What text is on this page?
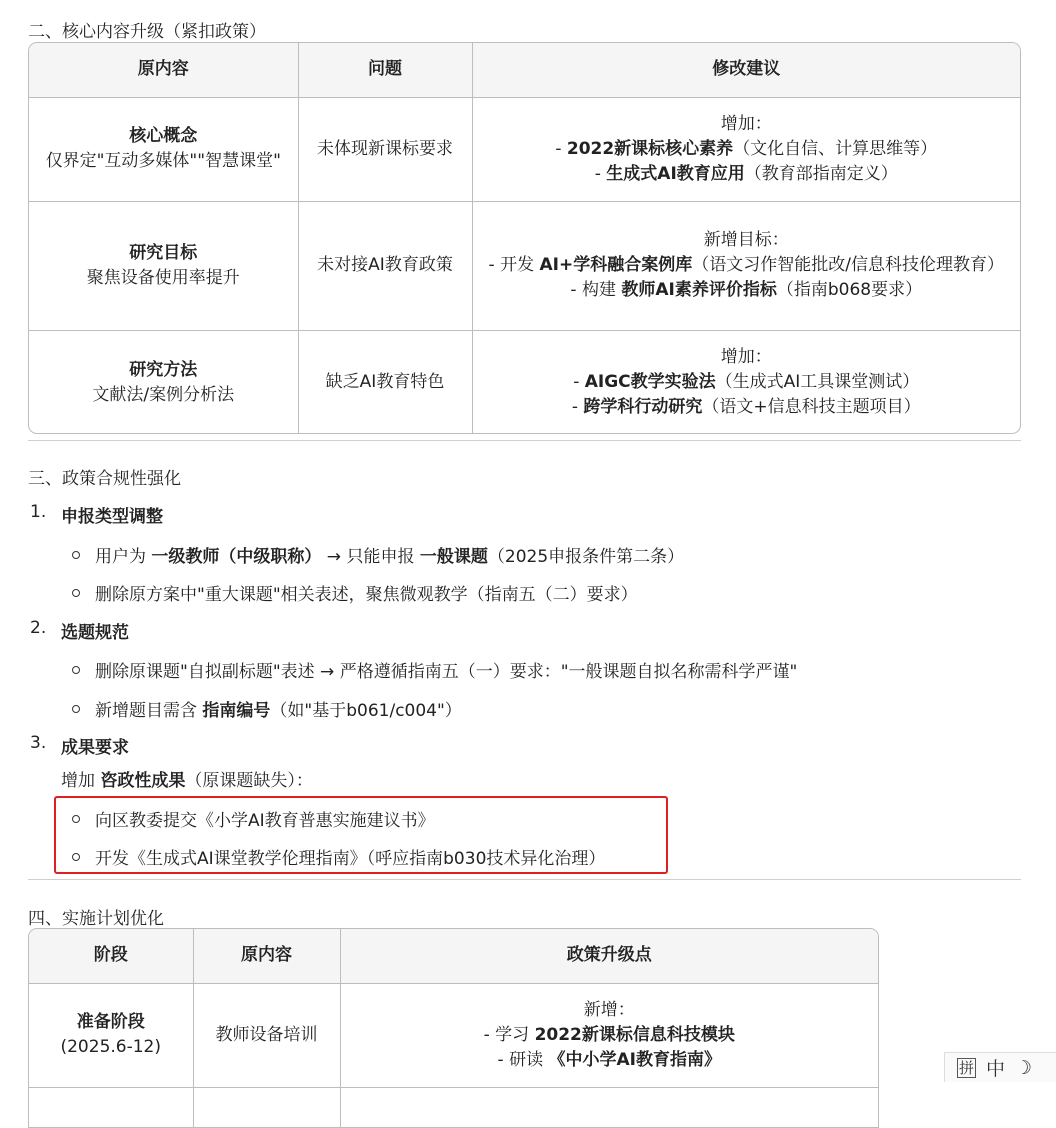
二、核心内容升级（紧扣政策）
原内容	问题	修改建议
核心概念
仅界定"互动多媒体""智慧课堂"	未体现新课标要求	增加：
- 2022新课标核心素养（文化自信、计算思维等）
- 生成式AI教育应用（教育部指南定义）
研究目标
聚焦设备使用率提升	未对接AI教育政策	新增目标：
- 开发 AI+学科融合案例库（语文习作智能批改/信息科技伦理教育）
- 构建 教师AI素养评价指标（指南b068要求）
研究方法
文献法/案例分析法	缺乏AI教育特色	增加：
- AIGC教学实验法（生成式AI工具课堂测试）
- 跨学科行动研究（语文+信息科技主题项目）
三、政策合规性强化
1. 申报类型调整
用户为 一级教师（中级职称） → 只能申报 一般课题（2025申报条件第二条）
删除原方案中"重大课题"相关表述，聚焦微观教学（指南五（二）要求）
2. 选题规范
删除原课题"自拟副标题"表述 → 严格遵循指南五（一）要求："一般课题自拟名称需科学严谨"
新增题目需含 指南编号（如"基于b061/c004"）
3. 成果要求
增加 咨政性成果（原课题缺失）：
向区教委提交《小学AI教育普惠实施建议书》
开发《生成式AI课堂教学伦理指南》（呼应指南b030技术异化治理）
四、实施计划优化
阶段	原内容	政策升级点
准备阶段
(2025.6-12)	教师设备培训	新增：
- 学习 2022新课标信息科技模块
- 研读 《中小学AI教育指南》
			拼 中 ☽
